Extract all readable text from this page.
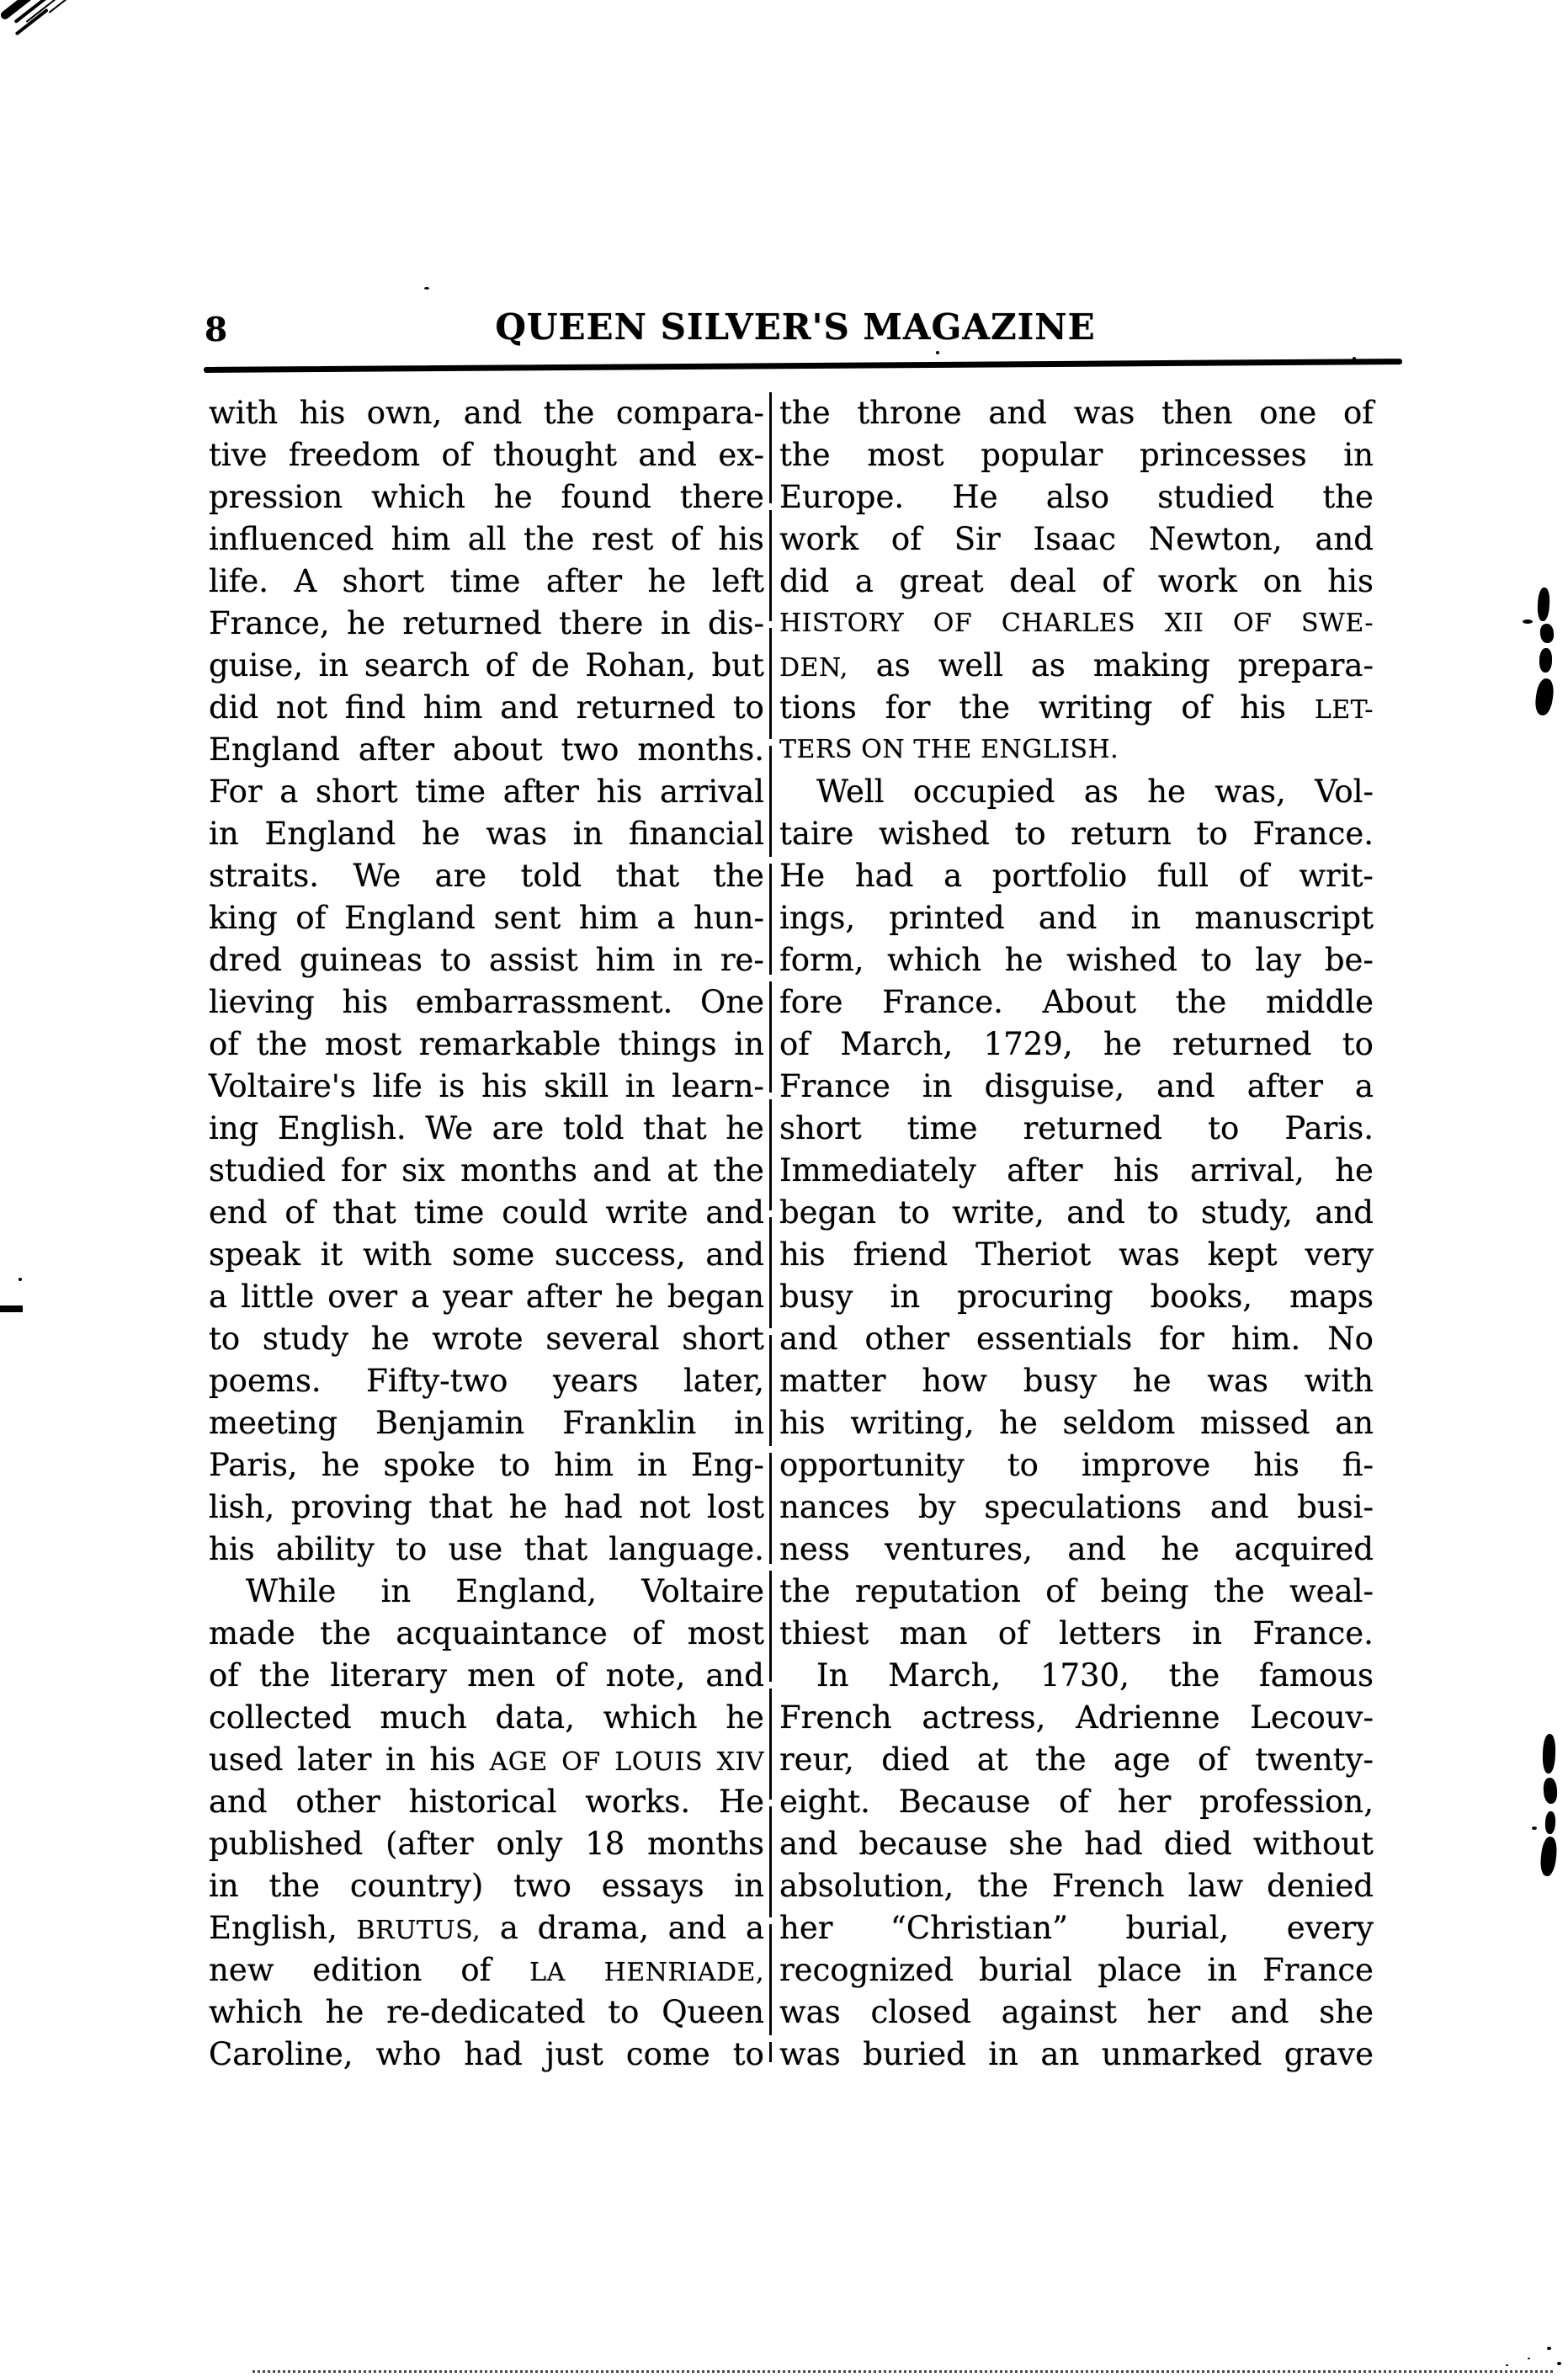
8	QUEEN SILVER'S MAGAZINE
with his own, and the compara-
tive freedom of thought and ex-
pression which he found there
influenced him all the rest of his
life. A short time after he left
France, he returned there in dis-
guise, in search of de Rohan, but
did not find him and returned to
England after about two months.
For a short time after his arrival
in England he was in financial
straits. We are told that the
king of England sent him a hun-
dred guineas to assist him in re-
lieving his embarrassment. One
of the most remarkable things in
Voltaire's life is his skill in learn-
ing English. We are told that he
studied for six months and at the
end of that time could write and
speak it with some success, and
a little over a year after he began
to study he wrote several short
poems. Fifty-two years later,
meeting Benjamin Franklin in
Paris, he spoke to him in Eng-
lish, proving that he had not lost
his ability to use that language.
While in England, Voltaire
made the acquaintance of most
of the literary men of note, and
collected much data, which he
used later in his AGE OF LOUIS XIV
and other historical works. He
published (after only 18 months
in the country) two essays in
English, BRUTUS, a drama, and a
new edition of LA HENRIADE,
which he re-dedicated to Queen
Caroline, who had just come to
the throne and was then one of
the most popular princesses in
Europe. He also studied the
work of Sir Isaac Newton, and
did a great deal of work on his
HISTORY OF CHARLES XII OF SWE-
DEN, as well as making prepara-
tions for the writing of his LET-
TERS ON THE ENGLISH.
Well occupied as he was, Vol-
taire wished to return to France.
He had a portfolio full of writ-
ings, printed and in manuscript
form, which he wished to lay be-
fore France. About the middle
of March, 1729, he returned to
France in disguise, and after a
short time returned to Paris.
Immediately after his arrival, he
began to write, and to study, and
his friend Theriot was kept very
busy in procuring books, maps
and other essentials for him. No
matter how busy he was with
his writing, he seldom missed an
opportunity to improve his fi-
nances by speculations and busi-
ness ventures, and he acquired
the reputation of being the weal-
thiest man of letters in France.
In March, 1730, the famous
French actress, Adrienne Lecouv-
reur, died at the age of twenty-
eight. Because of her profession,
and because she had died without
absolution, the French law denied
her “Christian” burial, every
recognized burial place in France
was closed against her and she
was buried in an unmarked grave
